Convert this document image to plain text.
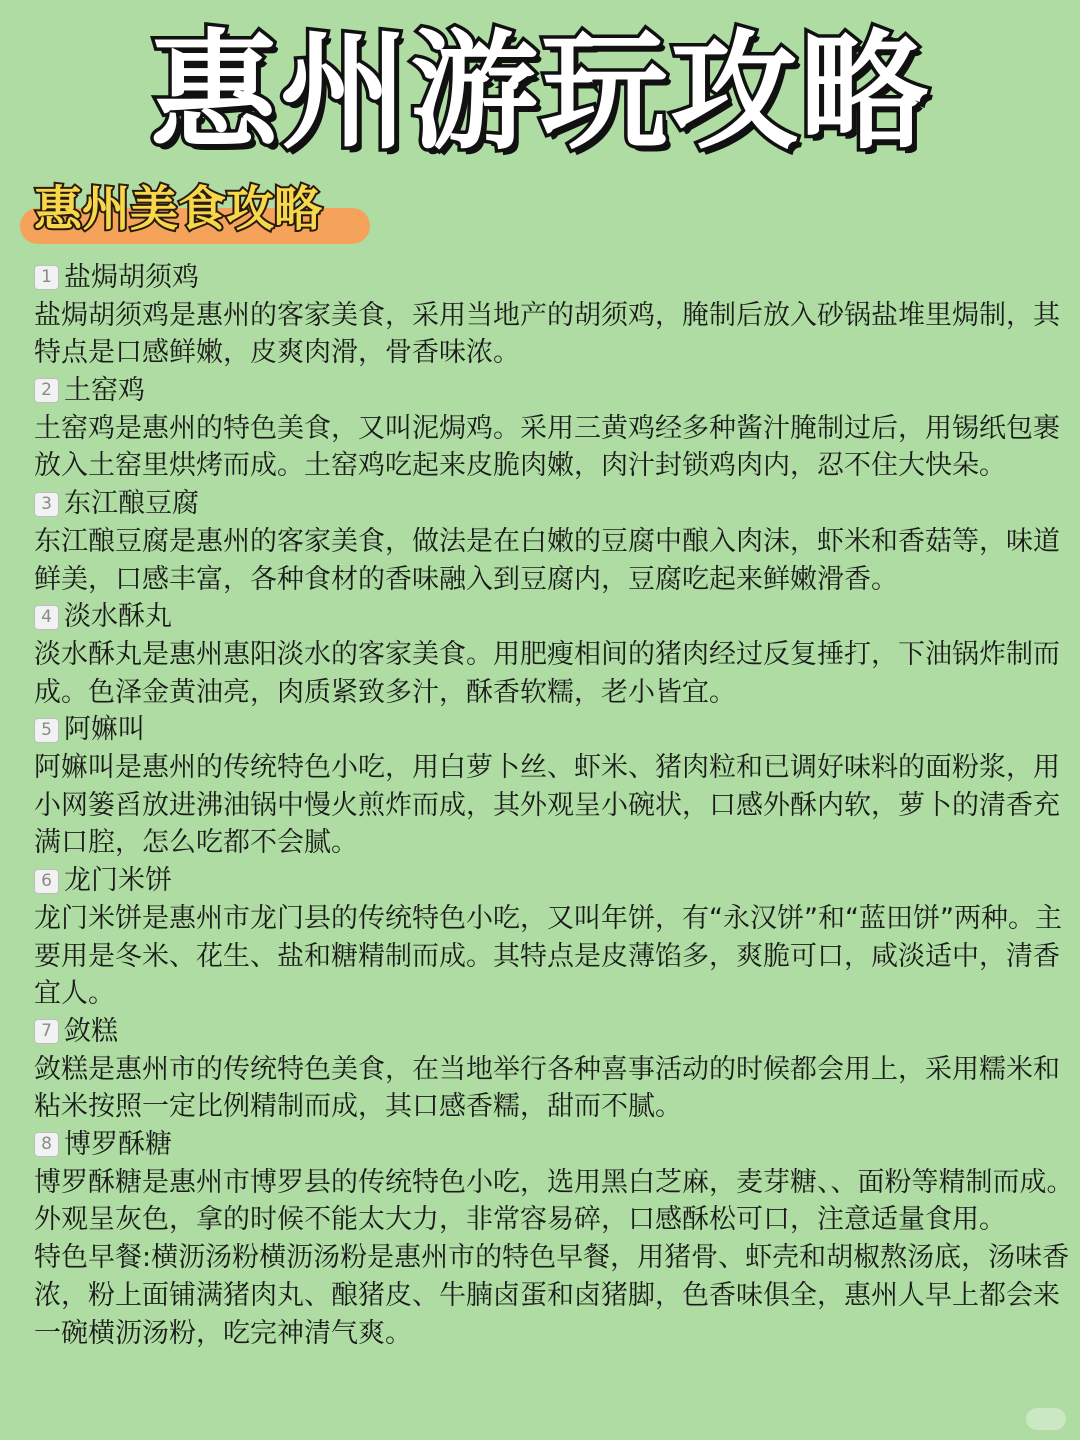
惠州游玩攻略
惠州美食攻略
1 盐焗胡须鸡

盐焗胡须鸡是惠州的客家美食，采用当地产的胡须鸡，腌制后放入砂锅盐堆里焗制，其特点是口感鲜嫩，皮爽肉滑，骨香味浓。

2 土窑鸡

土窑鸡是惠州的特色美食，又叫泥焗鸡。采用三黄鸡经多种酱汁腌制过后，用锡纸包裹放入土窑里烘烤而成。土窑鸡吃起来皮脆肉嫩，肉汁封锁鸡肉内，忍不住大快朵。

3 东江酿豆腐

东江酿豆腐是惠州的客家美食，做法是在白嫩的豆腐中酿入肉沫，虾米和香菇等，味道鲜美，口感丰富，各种食材的香味融入到豆腐内，豆腐吃起来鲜嫩滑香。

4 淡水酥丸

淡水酥丸是惠州惠阳淡水的客家美食。用肥瘦相间的猪肉经过反复捶打，下油锅炸制而成。色泽金黄油亮，肉质紧致多汁，酥香软糯，老小皆宜。

5 阿嫲叫

阿嫲叫是惠州的传统特色小吃，用白萝卜丝、虾米、猪肉粒和已调好味料的面粉浆，用小网篓舀放进沸油锅中慢火煎炸而成，其外观呈小碗状，口感外酥内软，萝卜的清香充满口腔，怎么吃都不会腻。

6 龙门米饼

龙门米饼是惠州市龙门县的传统特色小吃，又叫年饼，有“永汉饼”和“蓝田饼”两种。主要用是冬米、花生、盐和糖精制而成。其特点是皮薄馅多，爽脆可口，咸淡适中，清香宜人。

7 敛糕

敛糕是惠州市的传统特色美食，在当地举行各种喜事活动的时候都会用上，采用糯米和粘米按照一定比例精制而成，其口感香糯，甜而不腻。

8 博罗酥糖

博罗酥糖是惠州市博罗县的传统特色小吃，选用黑白芝麻，麦芽糖、、面粉等精制而成。外观呈灰色，拿的时候不能太大力，非常容易碎，口感酥松可口，注意适量食用。

特色早餐:横沥汤粉横沥汤粉是惠州市的特色早餐，用猪骨、虾壳和胡椒熬汤底，汤味香浓，粉上面铺满猪肉丸、酿猪皮、牛腩卤蛋和卤猪脚，色香味俱全，惠州人早上都会来一碗横沥汤粉，吃完神清气爽。
